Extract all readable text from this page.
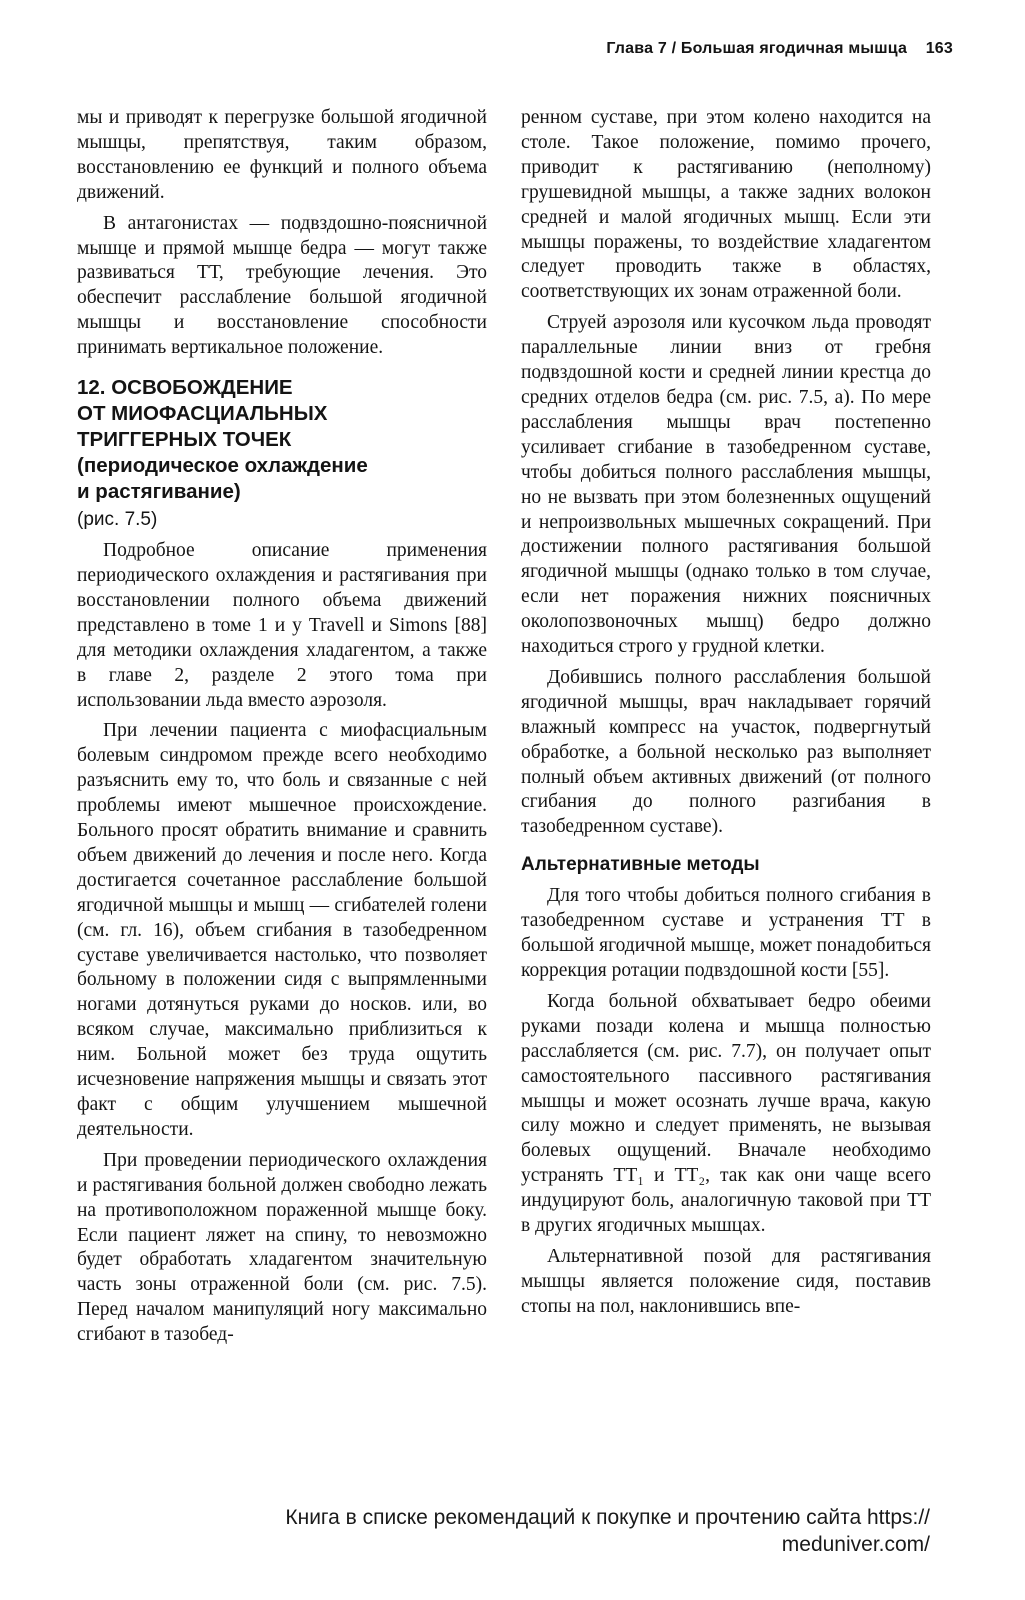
Глава 7 / Большая ягодичная мышца 163

мы и приводят к перегрузке большой ягодичной мышцы, препятствуя, таким образом, восстановлению ее функций и полного объема движений.

В антагонистах — подвздошно-поясничной мышце и прямой мышце бедра — могут также развиваться ТТ, требующие лечения. Это обеспечит расслабление большой ягодичной мышцы и восстановление способности принимать вертикальное положение.

12. ОСВОБОЖДЕНИЕ
ОТ МИОФАСЦИАЛЬНЫХ
ТРИГГЕРНЫХ ТОЧЕК
(периодическое охлаждение
и растягивание)
(рис. 7.5)

Подробное описание применения периодического охлаждения и растягивания при восстановлении полного объема движений представлено в томе 1 и у Travell и Simons [88] для методики охлаждения хладагентом, а также в главе 2, разделе 2 этого тома при использовании льда вместо аэрозоля.

При лечении пациента с миофасциальным болевым синдромом прежде всего необходимо разъяснить ему то, что боль и связанные с ней проблемы имеют мышечное происхождение. Больного просят обратить внимание и сравнить объем движений до лечения и после него. Когда достигается сочетанное расслабление большой ягодичной мышцы и мышц — сгибателей голени (см. гл. 16), объем сгибания в тазобедренном суставе увеличивается настолько, что позволяет больному в положении сидя с выпрямленными ногами дотянуться руками до носков. или, во всяком случае, максимально приблизиться к ним. Больной может без труда ощутить исчезновение напряжения мышцы и связать этот факт с общим улучшением мышечной деятельности.

При проведении периодического охлаждения и растягивания больной должен свободно лежать на противоположном пораженной мышце боку. Если пациент ляжет на спину, то невозможно будет обработать хладагентом значительную часть зоны отраженной боли (см. рис. 7.5). Перед началом манипуляций ногу максимально сгибают в тазобед-

ренном суставе, при этом колено находится на столе. Такое положение, помимо прочего, приводит к растягиванию (неполному) грушевидной мышцы, а также задних волокон средней и малой ягодичных мышц. Если эти мышцы поражены, то воздействие хладагентом следует проводить также в областях, соответствующих их зонам отраженной боли.

Струей аэрозоля или кусочком льда проводят параллельные линии вниз от гребня подвздошной кости и средней линии крестца до средних отделов бедра (см. рис. 7.5, а). По мере расслабления мышцы врач постепенно усиливает сгибание в тазобедренном суставе, чтобы добиться полного расслабления мышцы, но не вызвать при этом болезненных ощущений и непроизвольных мышечных сокращений. При достижении полного растягивания большой ягодичной мышцы (однако только в том случае, если нет поражения нижних поясничных околопозвоночных мышц) бедро должно находиться строго у грудной клетки.

Добившись полного расслабления большой ягодичной мышцы, врач накладывает горячий влажный компресс на участок, подвергнутый обработке, а больной несколько раз выполняет полный объем активных движений (от полного сгибания до полного разгибания в тазобедренном суставе).

Альтернативные методы

Для того чтобы добиться полного сгибания в тазобедренном суставе и устранения ТТ в большой ягодичной мышце, может понадобиться коррекция ротации подвздошной кости [55].

Когда больной обхватывает бедро обеими руками позади колена и мышца полностью расслабляется (см. рис. 7.7), он получает опыт самостоятельного пассивного растягивания мышцы и может осознать лучше врача, какую силу можно и следует применять, не вызывая болевых ощущений. Вначале необходимо устранять ТТ₁ и ТТ₂, так как они чаще всего индуцируют боль, аналогичную таковой при ТТ в других ягодичных мышцах.

Альтернативной позой для растягивания мышцы является положение сидя, поставив стопы на пол, наклонившись впе-

Книга в списке рекомендаций к покупке и прочтению сайта https://
meduniver.com/
